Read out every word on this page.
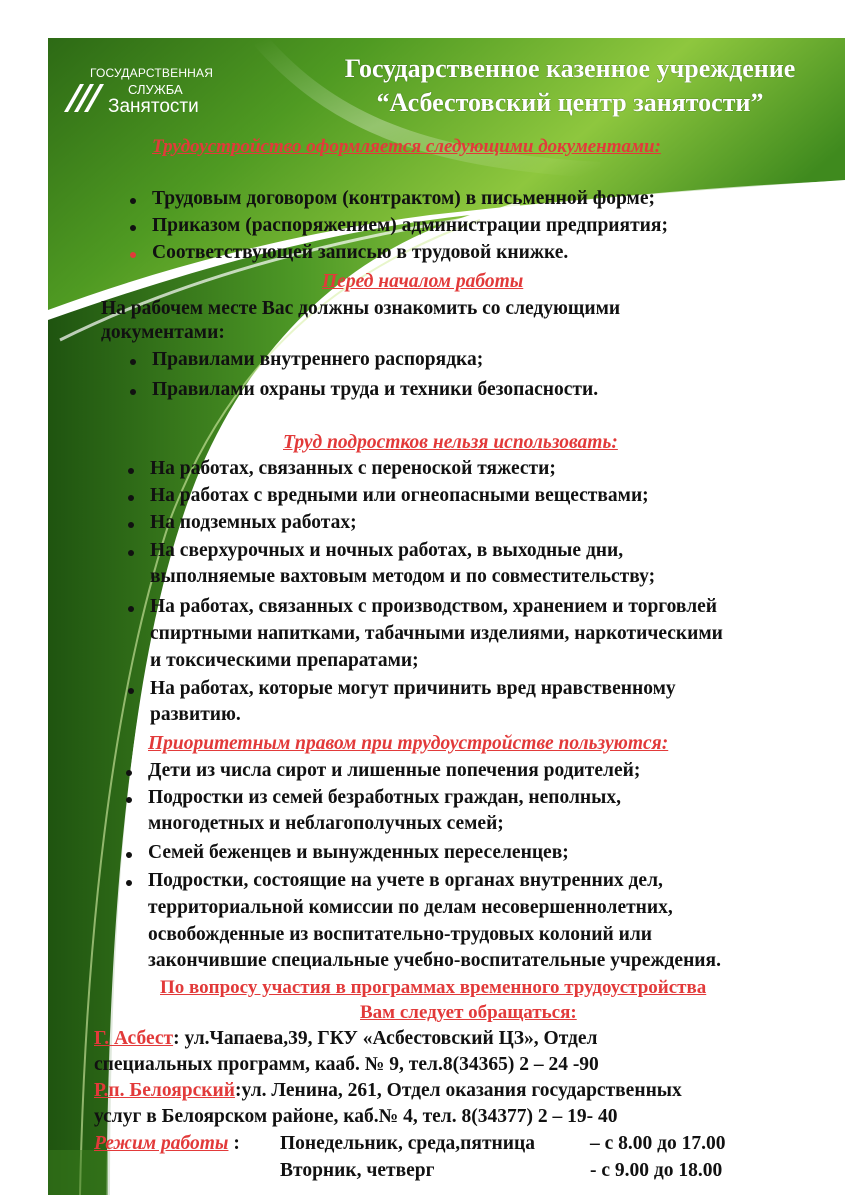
ГОСУДАРСТВЕННАЯ
СЛУЖБА
Занятости
Государственное казенное учреждение
“Асбестовский центр занятости”
Трудоустройство оформляется следующими документами:
Трудовым договором (контрактом) в письменной форме;
Приказом (распоряжением) администрации предприятия;
Соответствующей записью в трудовой книжке.
Перед началом работы
На рабочем месте Вас должны ознакомить со следующими
документами:
Правилами внутреннего распорядка;
Правилами охраны труда и техники безопасности.
Труд подростков нельзя использовать:
На работах, связанных с переноской тяжести;
На работах с вредными или огнеопасными веществами;
На подземных работах;
На сверхурочных и ночных работах, в выходные дни,
выполняемые вахтовым методом и по совместительству;
На работах, связанных с производством, хранением и торговлей
спиртными напитками, табачными изделиями, наркотическими
и токсическими препаратами;
На работах, которые могут причинить вред нравственному
развитию.
Приоритетным правом при трудоустройстве пользуются:
Дети из числа сирот и лишенные попечения родителей;
Подростки из семей безработных граждан, неполных,
многодетных и неблагополучных семей;
Семей беженцев и вынужденных переселенцев;
Подростки, состоящие на учете в органах внутренних дел,
территориальной комиссии по делам несовершеннолетних,
освобожденные из воспитательно-трудовых колоний или
закончившие специальные учебно-воспитательные учреждения.
По вопросу участия в программах временного трудоустройства
Вам следует обращаться:
Г. Асбест: ул.Чапаева,39, ГКУ «Асбестовский ЦЗ», Отдел
специальных программ, кааб. № 9, тел.8(34365) 2 – 24 -90
Р.п. Белоярский:ул. Ленина, 261, Отдел оказания государственных
услуг в Белоярском районе, каб.№ 4, тел. 8(34377) 2 – 19- 40
Режим работы : Понедельник, среда,пятница	– с 8.00 до 17.00
Вторник, четверг	- с 9.00 до 18.00
